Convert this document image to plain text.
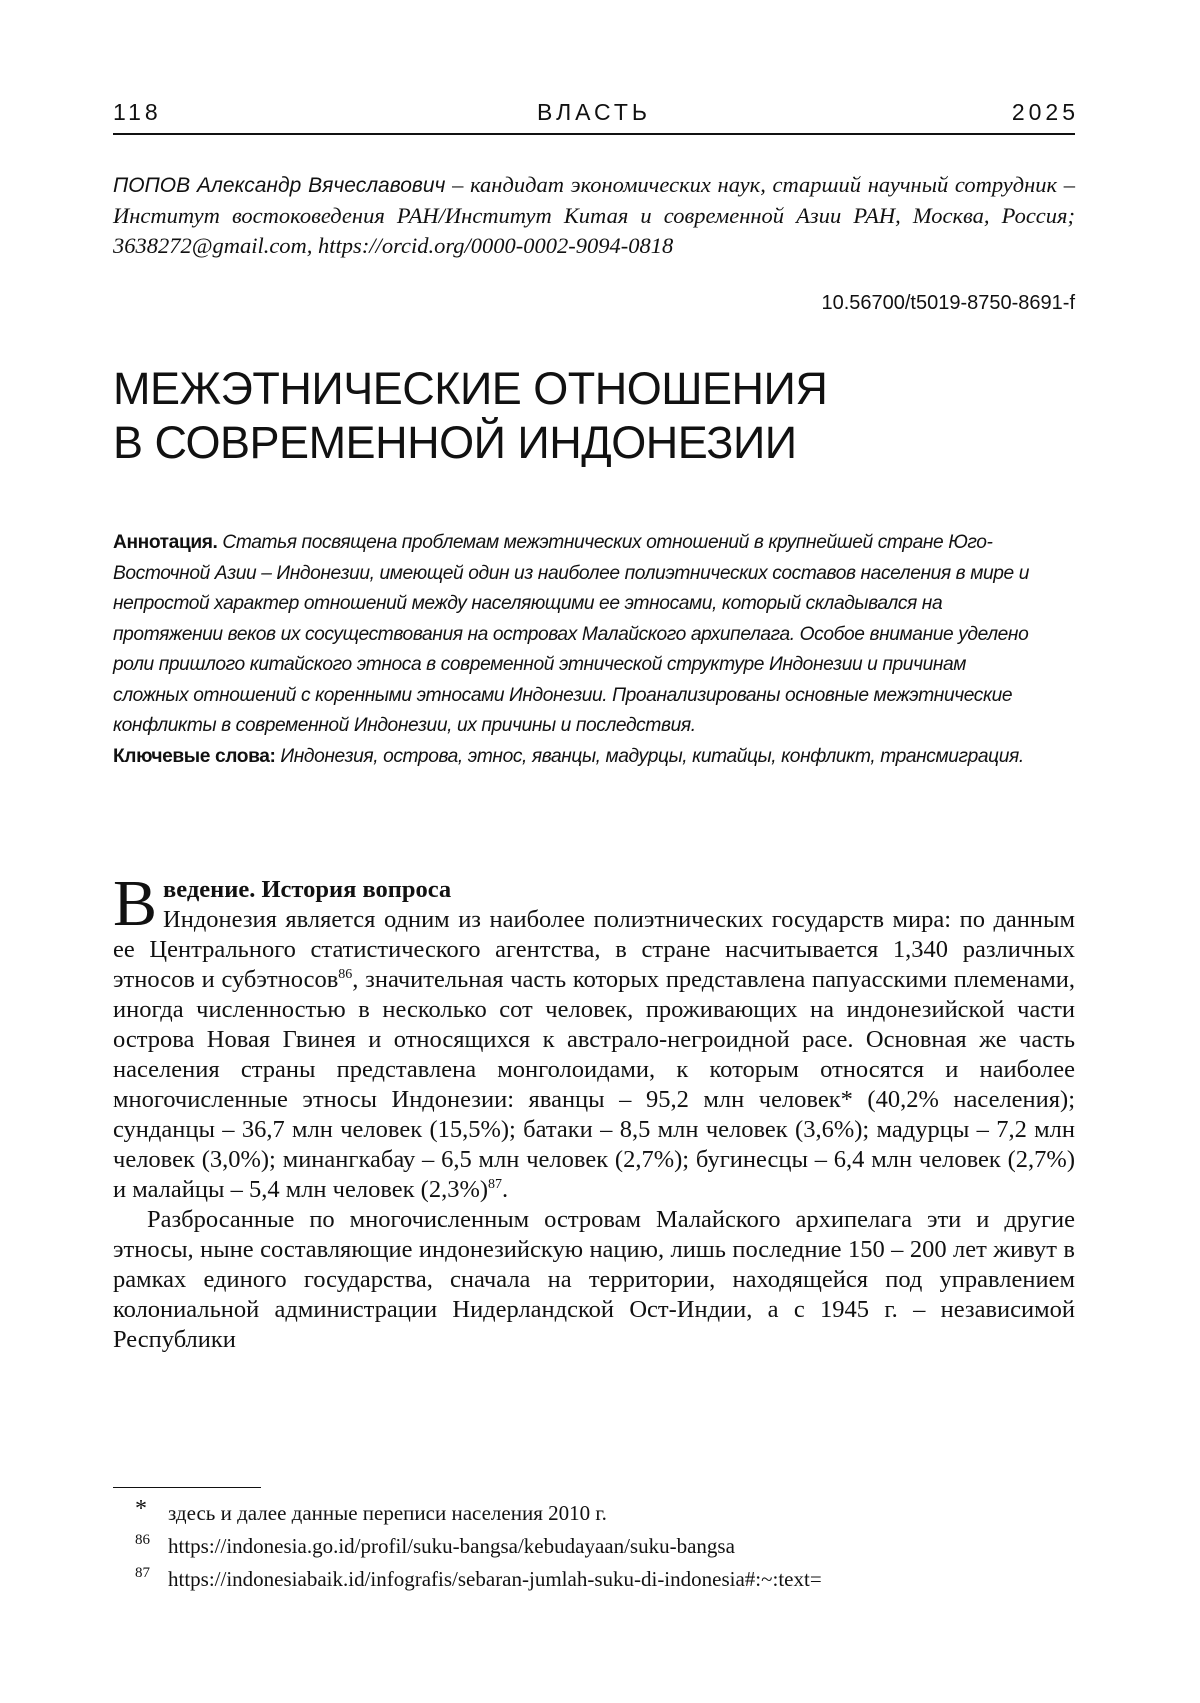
ВЛАСТЬ
118	2025
ПОПОВ Александр Вячеславович – кандидат экономических наук, старший научный сотрудник – Институт востоковедения РАН/Институт Китая и современной Азии РАН, Москва, Россия; 3638272@gmail.com, https://orcid.org/0000-0002-9094-0818
10.56700/t5019-8750-8691-f
МЕЖЭТНИЧЕСКИЕ ОТНОШЕНИЯ
В СОВРЕМЕННОЙ ИНДОНЕЗИИ
Аннотация. Статья посвящена проблемам межэтнических отношений в крупнейшей стране Юго-Восточной Азии – Индонезии, имеющей один из наиболее полиэтнических составов населения в мире и непростой характер отношений между населяющими ее этносами, который складывался на протяжении веков их сосуществования на островах Малайского архипелага. Особое внимание уделено роли пришлого китайского этноса в современной этнической структуре Индонезии и причинам сложных отношений с коренными этносами Индонезии. Проанализированы основные межэтнические конфликты в современной Индонезии, их причины и последствия.
Ключевые слова: Индонезия, острова, этнос, яванцы, мадурцы, китайцы, конфликт, трансмиграция.

Введение. История вопроса
Индонезия является одним из наиболее полиэтнических государств мира: по данным ее Центрального статистического агентства, в стране насчитывается 1,340 различных этносов и субэтносов$^{86}$, значительная часть которых представлена папуасскими племенами, иногда численностью в несколько сот человек, проживающих на индонезийской части острова Новая Гвинея и относящихся к австрало-негроидной расе. Основная же часть населения страны представлена монголоидами, к которым относятся и наиболее многочисленные этносы Индонезии: яванцы – 95,2 млн человек* (40,2% населения); сунданцы – 36,7 млн человек (15,5%); батаки – 8,5 млн человек (3,6%); мадурцы – 7,2 млн человек (3,0%); минангкабау – 6,5 млн человек (2,7%); бугинесцы – 6,4 млн человек (2,7%) и малайцы – 5,4 млн человек $(2,3\%)^{87}$.

Разбросанные по многочисленным островам Малайского архипелага эти и другие этносы, ныне составляющие индонезийскую нацию, лишь последние 150 – 200 лет живут в рамках единого государства, сначала на территории, находящейся под управлением колониальной администрации Нидерландской Ост-Индии, а с 1945 г. – независимой Республики

* здесь и далее данные переписи населения 2010 г.
86 https://indonesia.go.id/profil/suku-bangsa/kebudayaan/suku-bangsa
87 https://indonesiabaik.id/infografis/sebaran-jumlah-suku-di-indonesia#:~:text=
